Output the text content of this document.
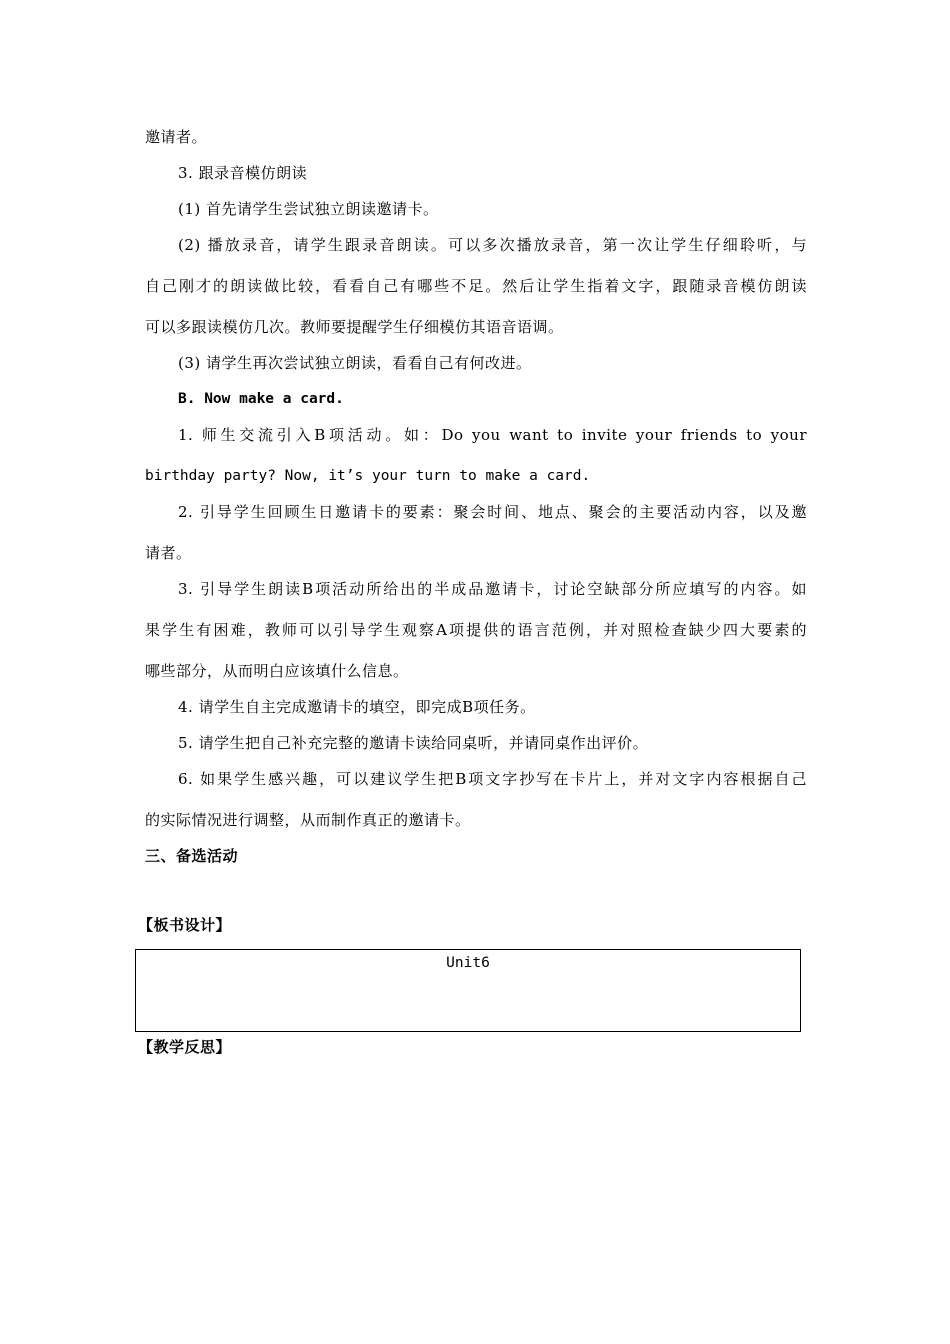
邀请者。
3. 跟录音模仿朗读
(1) 首先请学生尝试独立朗读邀请卡。
(2) 播放录音，请学生跟录音朗读。可以多次播放录音，第一次让学生仔细聆听，与
自己刚才的朗读做比较，看看自己有哪些不足。然后让学生指着文字，跟随录音模仿朗读
可以多跟读模仿几次。教师要提醒学生仔细模仿其语音语调。
(3) 请学生再次尝试独立朗读，看看自己有何改进。
B. Now make a card.
1. 师生交流引入B项活动。如：Do you want to invite your friends to your
birthday party? Now, it’s your turn to make a card.
2. 引导学生回顾生日邀请卡的要素：聚会时间、地点、聚会的主要活动内容，以及邀
请者。
3. 引导学生朗读B项活动所给出的半成品邀请卡，讨论空缺部分所应填写的内容。如
果学生有困难，教师可以引导学生观察A项提供的语言范例，并对照检查缺少四大要素的
哪些部分，从而明白应该填什么信息。
4. 请学生自主完成邀请卡的填空，即完成B项任务。
5. 请学生把自己补充完整的邀请卡读给同桌听，并请同桌作出评价。
6. 如果学生感兴趣，可以建议学生把B项文字抄写在卡片上，并对文字内容根据自己
的实际情况进行调整，从而制作真正的邀请卡。
三、备选活动
【板书设计】
Unit6
【教学反思】
